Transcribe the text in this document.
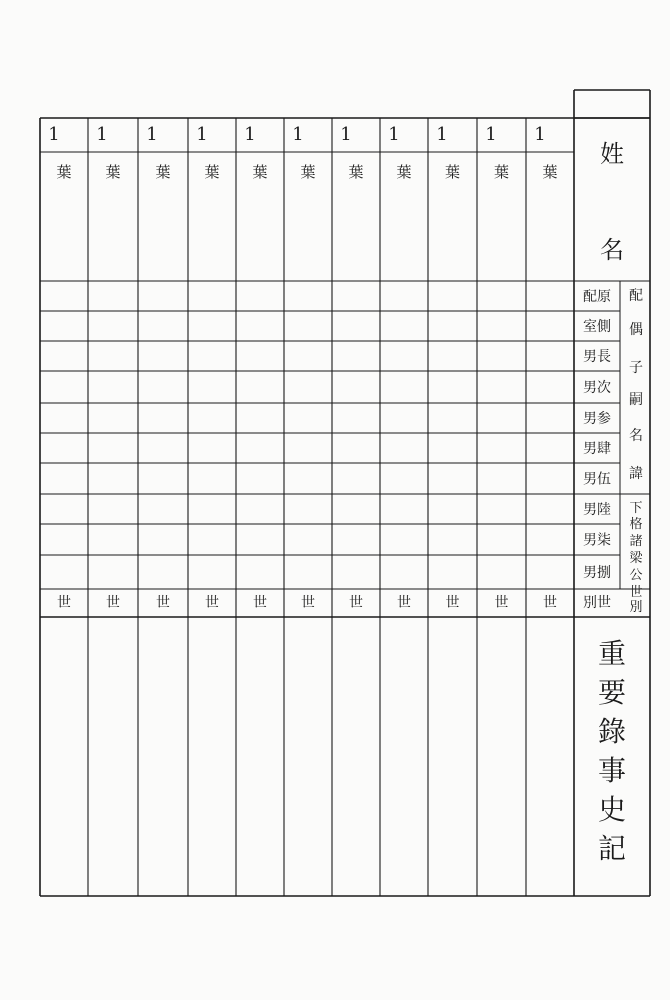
1
葉
世
1
葉
世
1
葉
世
1
葉
世
1
葉
世
1
葉
世
1
葉
世
1
葉
世
1
葉
世
1
葉
世
1
葉
世
姓
名
配原
室側
男長
男次
男参
男肆
男伍
男陸
男柒
男捌
別世
配偶子嗣名諱
下格諸梁公世別
重要錄事史記
